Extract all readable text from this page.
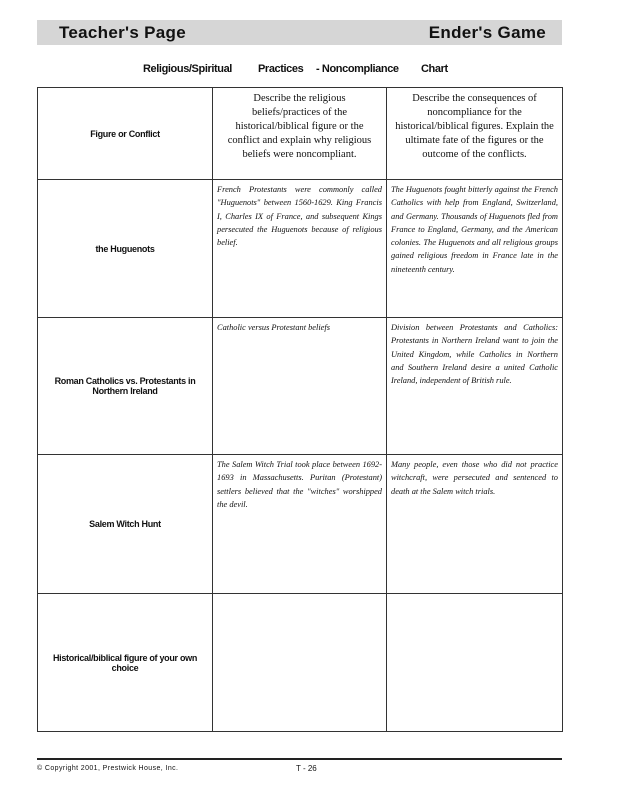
Teacher's Page	Ender's Game
Religious/Spiritual Practices - Noncompliance Chart
Figure or Conflict	Describe the religious beliefs/practices of the historical/biblical figure or the conflict and explain why religious beliefs were noncompliant.	Describe the consequences of noncompliance for the historical/biblical figures. Explain the ultimate fate of the figures or the outcome of the conflicts.
the Huguenots	French Protestants were commonly called "Huguenots" between 1560-1629. King Francis I, Charles IX of France, and subsequent Kings persecuted the Huguenots because of religious belief.	The Huguenots fought bitterly against the French Catholics with help from England, Switzerland, and Germany. Thousands of Huguenots fled from France to England, Germany, and the American colonies. The Huguenots and all religious groups gained religious freedom in France late in the nineteenth century.
Roman Catholics vs. Protestants in Northern Ireland	Catholic versus Protestant beliefs	Division between Protestants and Catholics: Protestants in Northern Ireland want to join the United Kingdom, while Catholics in Northern and Southern Ireland desire a united Catholic Ireland, independent of British rule.
Salem Witch Hunt	The Salem Witch Trial took place between 1692-1693 in Massachusetts. Puritan (Protestant) settlers believed that the "witches" worshipped the devil.	Many people, even those who did not practice witchcraft, were persecuted and sentenced to death at the Salem witch trials.
Historical/biblical figure of your own choice		
© Copyright 2001, Prestwick House, Inc.	T - 26
